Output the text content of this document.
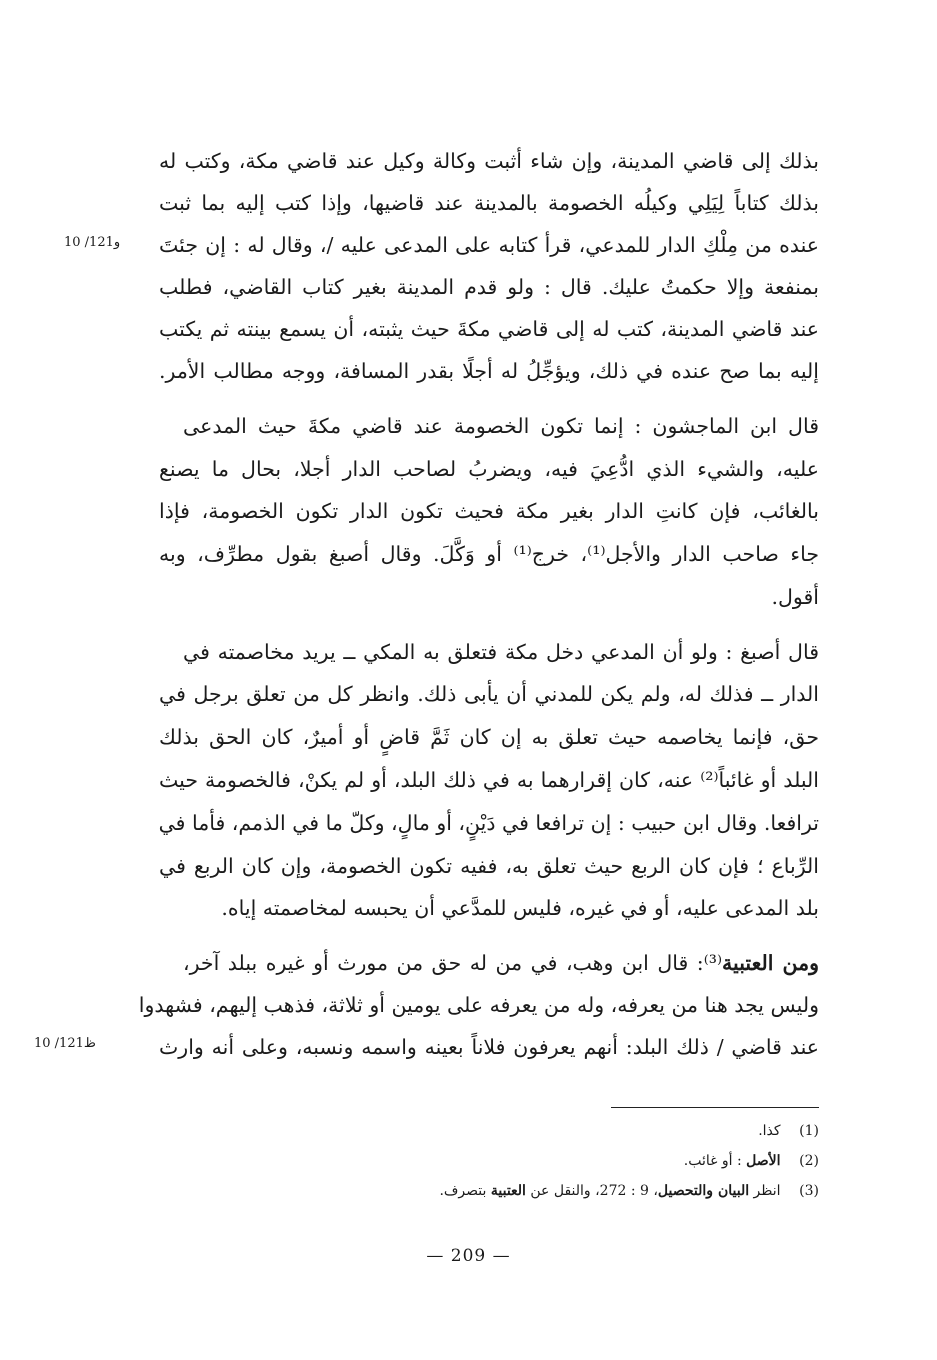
بذلك إلى قاضي المدينة، وإن شاء أثبت وكالة وكيل عند قاضي مكة، وكتب له
بذلك كتاباً لِيَلِي وكيلُه الخصومة بالمدينة عند قاضيها، وإذا كتب إليه بما ثبت
عنده من مِلْكِ الدار للمدعي، قرأ كتابه على المدعى عليه /، وقال له : إن جئتَ
بمنفعة وإلا حكمتُ عليك. قال : ولو قدم المدينة بغير كتاب القاضي، فطلب
عند قاضي المدينة، كتب له إلى قاضي مكةَ حيث يثبته، أن يسمع بينته ثم يكتب
إليه بما صح عنده في ذلك، ويؤجِّلُ له أجلًا بقدر المسافة، ووجه مطالب الأمر.
10 /121و
قال ابن الماجشون : إنما تكون الخصومة عند قاضي مكةَ حيث المدعى
عليه، والشيء الذي ادُّعِيَ فيه، ويضربُ لصاحب الدار أجلا، بحال ما يصنع
بالغائب، فإن كانتِ الدار بغير مكة فحيث تكون الدار تكون الخصومة، فإذا
جاء صاحب الدار والأجل⁽¹⁾، خرج⁽¹⁾ أو وَكَّلَ. وقال أصبغ بقول مطرِّف، وبه
أقول.
قال أصبغ : ولو أن المدعي دخل مكة فتعلق به المكي ــ يريد مخاصمته في
الدار ــ فذلك له، ولم يكن للمدني أن يأبى ذلك. وانظر كل من تعلق برجل في
حق، فإنما يخاصمه حيث تعلق به إن كان ثَمَّ قاضٍ أو أميرٌ، كان الحق بذلك
البلد أو غائباً⁽²⁾ عنه، كان إقرارهما به في ذلك البلد، أو لم يكنْ، فالخصومة حيث
ترافعا. وقال ابن حبيب : إن ترافعا في دَيْنٍ، أو مالٍ، وكلّ ما في الذمم، فأما في
الرِّباع ؛ فإن كان الربع حيث تعلق به، ففيه تكون الخصومة، وإن كان الربع في
بلد المدعى عليه، أو في غيره، فليس للمدَّعي أن يحبسه لمخاصمته إياه.
ومن العتبية⁽³⁾: قال ابن وهب، في من له حق من مورث أو غيره ببلد آخر،
وليس يجد هنا من يعرفه، وله من يعرفه على يومين أو ثلاثة، فذهب إليهم، فشهدوا
عند قاضي / ذلك البلد: أنهم يعرفون فلاناً بعينه واسمه ونسبه، وعلى أنه وارث
10 /121ظ
(1) كذا.
(2) الأصل : أو غائب.
(3) انظر البيان والتحصيل، 9 : 272، والنقل عن العتبية بتصرف.
— 209 —
